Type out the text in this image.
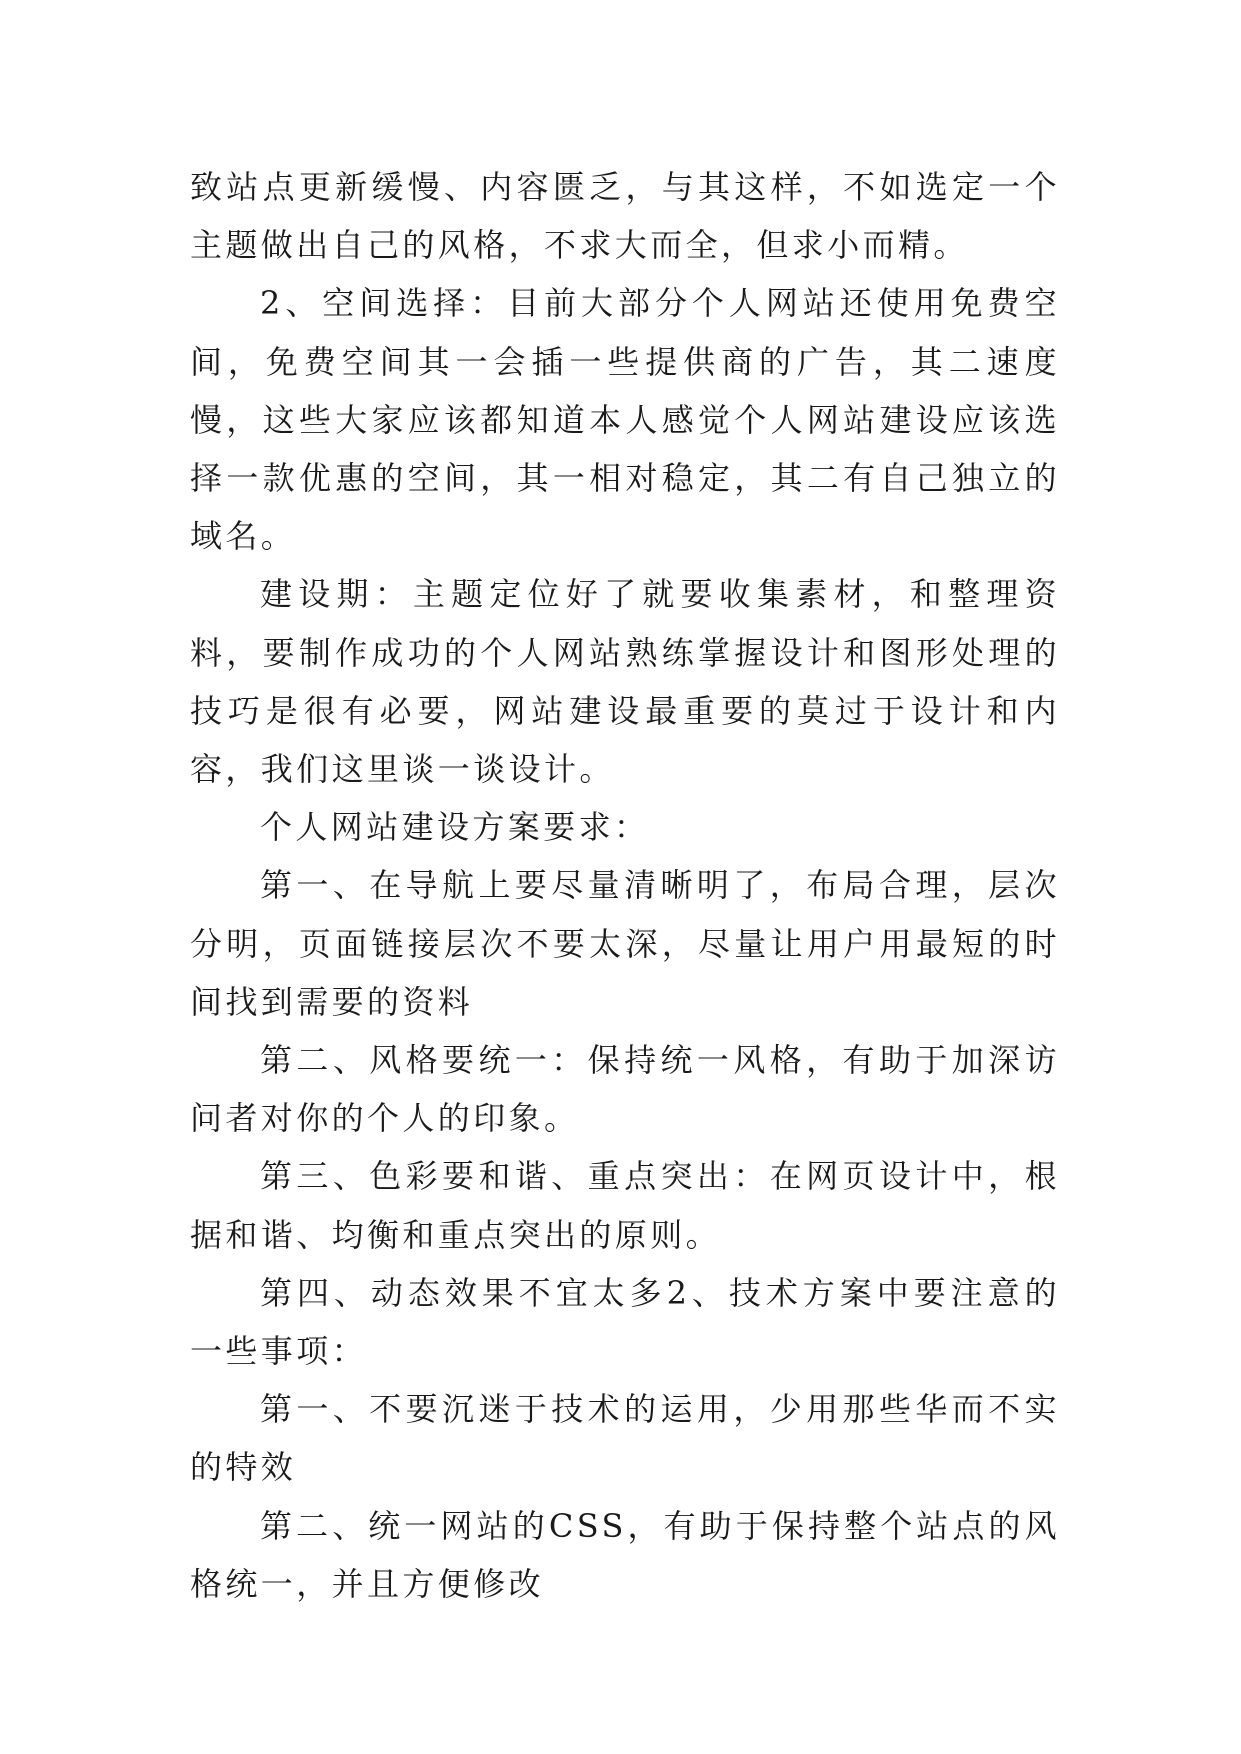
致站点更新缓慢、内容匮乏，与其这样，不如选定一个主题做出自己的风格，不求大而全，但求小而精。

2、空间选择：目前大部分个人网站还使用免费空间，免费空间其一会插一些提供商的广告，其二速度慢，这些大家应该都知道本人感觉个人网站建设应该选择一款优惠的空间，其一相对稳定，其二有自己独立的域名。

建设期：主题定位好了就要收集素材，和整理资料，要制作成功的个人网站熟练掌握设计和图形处理的技巧是很有必要，网站建设最重要的莫过于设计和内容，我们这里谈一谈设计。

个人网站建设方案要求：

第一、在导航上要尽量清晰明了，布局合理，层次分明，页面链接层次不要太深，尽量让用户用最短的时间找到需要的资料

第二、风格要统一：保持统一风格，有助于加深访问者对你的个人的印象。

第三、色彩要和谐、重点突出：在网页设计中，根据和谐、均衡和重点突出的原则。

第四、动态效果不宜太多2、技术方案中要注意的一些事项：

第一、不要沉迷于技术的运用，少用那些华而不实的特效

第二、统一网站的CSS，有助于保持整个站点的风格统一，并且方便修改
